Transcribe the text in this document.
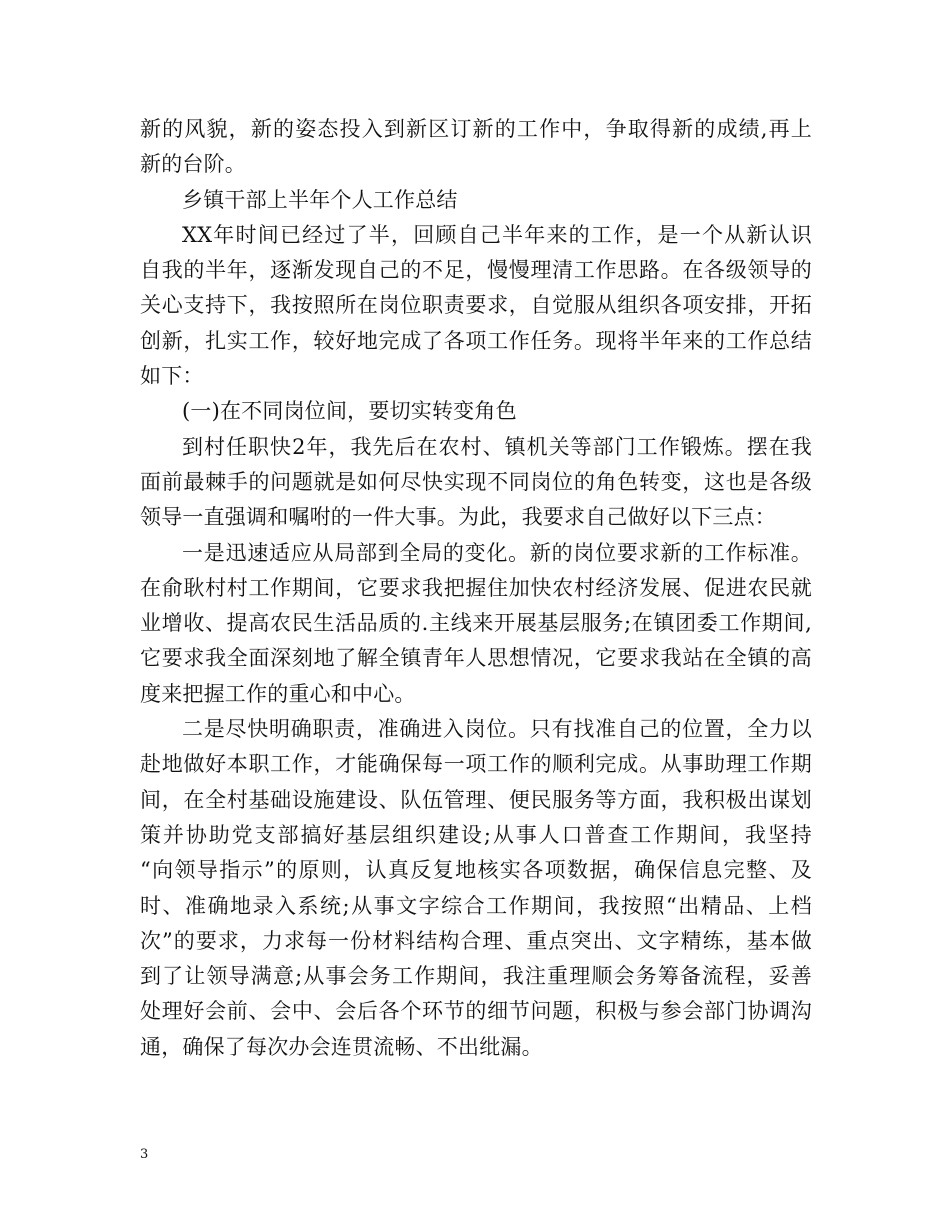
新的风貌，新的姿态投入到新区订新的工作中，争取得新的成绩,再上
新的台阶。
乡镇干部上半年个人工作总结
XX年时间已经过了半，回顾自己半年来的工作，是一个从新认识
自我的半年，逐渐发现自己的不足，慢慢理清工作思路。在各级领导的
关心支持下，我按照所在岗位职责要求，自觉服从组织各项安排，开拓
创新，扎实工作，较好地完成了各项工作任务。现将半年来的工作总结
如下：
(一)在不同岗位间，要切实转变角色
到村任职快2年，我先后在农村、镇机关等部门工作锻炼。摆在我
面前最棘手的问题就是如何尽快实现不同岗位的角色转变，这也是各级
领导一直强调和嘱咐的一件大事。为此，我要求自己做好以下三点：
一是迅速适应从局部到全局的变化。新的岗位要求新的工作标准。
在俞耿村村工作期间，它要求我把握住加快农村经济发展、促进农民就
业增收、提高农民生活品质的.主线来开展基层服务;在镇团委工作期间,
它要求我全面深刻地了解全镇青年人思想情况，它要求我站在全镇的高
度来把握工作的重心和中心。
二是尽快明确职责，准确进入岗位。只有找准自己的位置，全力以
赴地做好本职工作，才能确保每一项工作的顺利完成。从事助理工作期
间，在全村基础设施建设、队伍管理、便民服务等方面，我积极出谋划
策并协助党支部搞好基层组织建设;从事人口普查工作期间，我坚持
“向领导指示”的原则，认真反复地核实各项数据，确保信息完整、及
时、准确地录入系统;从事文字综合工作期间，我按照“出精品、上档
次”的要求，力求每一份材料结构合理、重点突出、文字精练，基本做
到了让领导满意;从事会务工作期间，我注重理顺会务筹备流程，妥善
处理好会前、会中、会后各个环节的细节问题，积极与参会部门协调沟
通，确保了每次办会连贯流畅、不出纰漏。
3
